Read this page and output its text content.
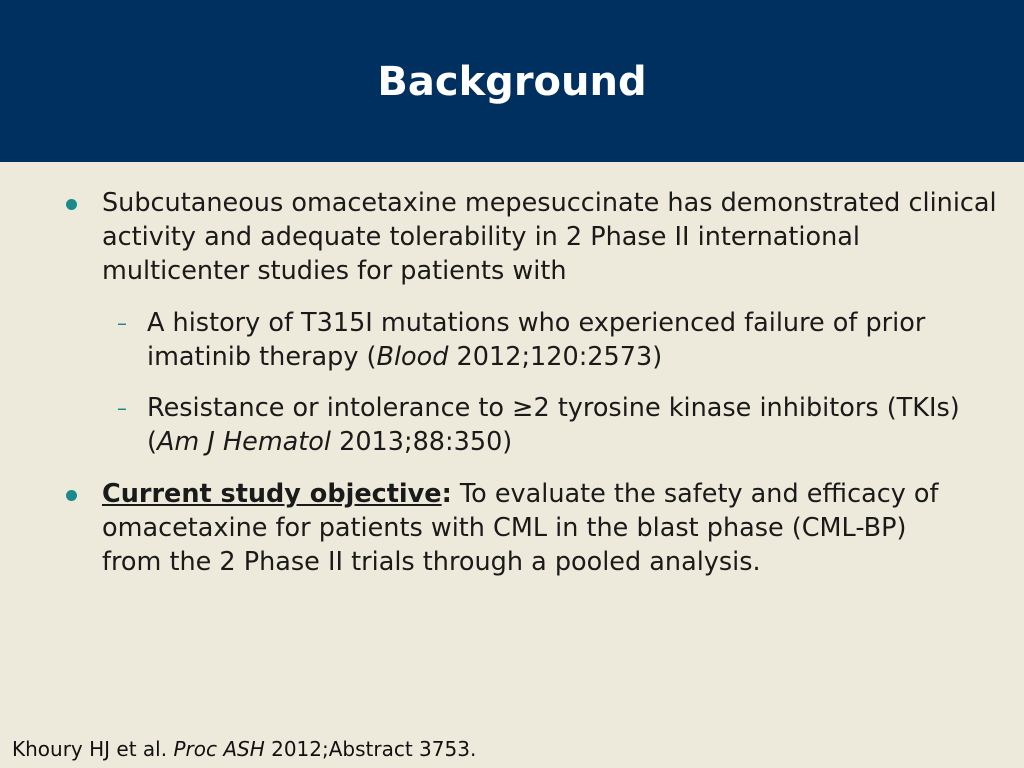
Background
Subcutaneous omacetaxine mepesuccinate has demonstrated clinical activity and adequate tolerability in 2 Phase II international multicenter studies for patients with
– A history of T315I mutations who experienced failure of prior imatinib therapy (Blood 2012;120:2573)
– Resistance or intolerance to ≥2 tyrosine kinase inhibitors (TKIs) (Am J Hematol 2013;88:350)
Current study objective: To evaluate the safety and efficacy of omacetaxine for patients with CML in the blast phase (CML-BP) from the 2 Phase II trials through a pooled analysis.
Khoury HJ et al. Proc ASH 2012;Abstract 3753.
